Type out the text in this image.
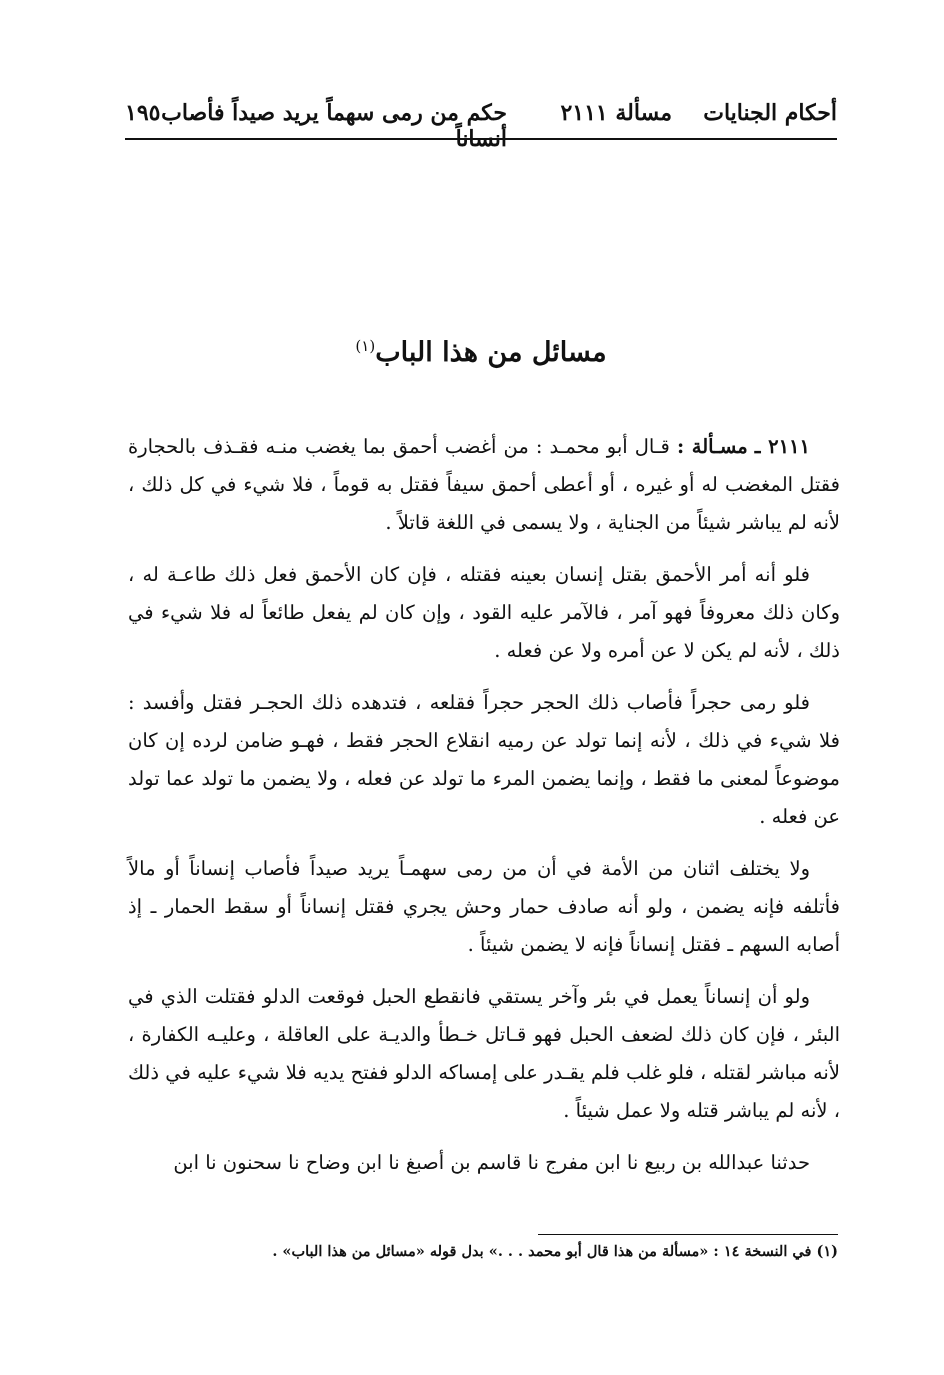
أحكام الجنايات
مسألة ٢١١١
حكم من رمى سهماً يريد صيداً فأصاب أنساناً
١٩٥
مسائل من هذا الباب$^{(١)}$

٢١١١ ـ مسـألة : قـال أبو محمـد : من أغضب أحمق بما يغضب منـه فقـذف بالحجارة فقتل المغضب له أو غيره ، أو أعطى أحمق سيفاً فقتل به قوماً ، فلا شيء في كل ذلك ، لأنه لم يباشر شيئاً من الجناية ، ولا يسمى في اللغة قاتلاً .

فلو أنه أمر الأحمق بقتل إنسان بعينه فقتله ، فإن كان الأحمق فعل ذلك طاعـة له ، وكان ذلك معروفاً فهو آمر ، فالآمر عليه القود ، وإن كان لم يفعل طائعاً له فلا شيء في ذلك ، لأنه لم يكن لا عن أمره ولا عن فعله .

فلو رمى حجراً فأصاب ذلك الحجر حجراً فقلعه ، فتدهده ذلك الحجـر فقتل وأفسد : فلا شيء في ذلك ، لأنه إنما تولد عن رميه انقلاع الحجر فقط ، فهـو ضامن لرده إن كان موضوعاً لمعنى ما فقط ، وإنما يضمن المرء ما تولد عن فعله ، ولا يضمن ما تولد عما تولد عن فعله .

ولا يختلف اثنان من الأمة في أن من رمى سهمـاً يريد صيداً فأصاب إنساناً أو مالاً فأتلفه فإنه يضمن ، ولو أنه صادف حمار وحش يجري فقتل إنساناً أو سقط الحمار ـ إذ أصابه السهم ـ فقتل إنساناً فإنه لا يضمن شيئاً .

ولو أن إنساناً يعمل في بئر وآخر يستقي فانقطع الحبل فوقعت الدلو فقتلت الذي في البئر ، فإن كان ذلك لضعف الحبل فهو قـاتل خـطأ والديـة على العاقلة ، وعليـه الكفارة ، لأنه مباشر لقتله ، فلو غلب فلم يقـدر على إمساكه الدلو ففتح يديه فلا شيء عليه في ذلك ، لأنه لم يباشر قتله ولا عمل شيئاً .

حدثنا عبدالله بن ربيع نا ابن مفرج نا قاسم بن أصبغ نا ابن وضاح نا سحنون نا ابن

(١) في النسخة ١٤ : «مسألة من هذا قال أبو محمد . . .» بدل قوله «مسائل من هذا الباب» .
